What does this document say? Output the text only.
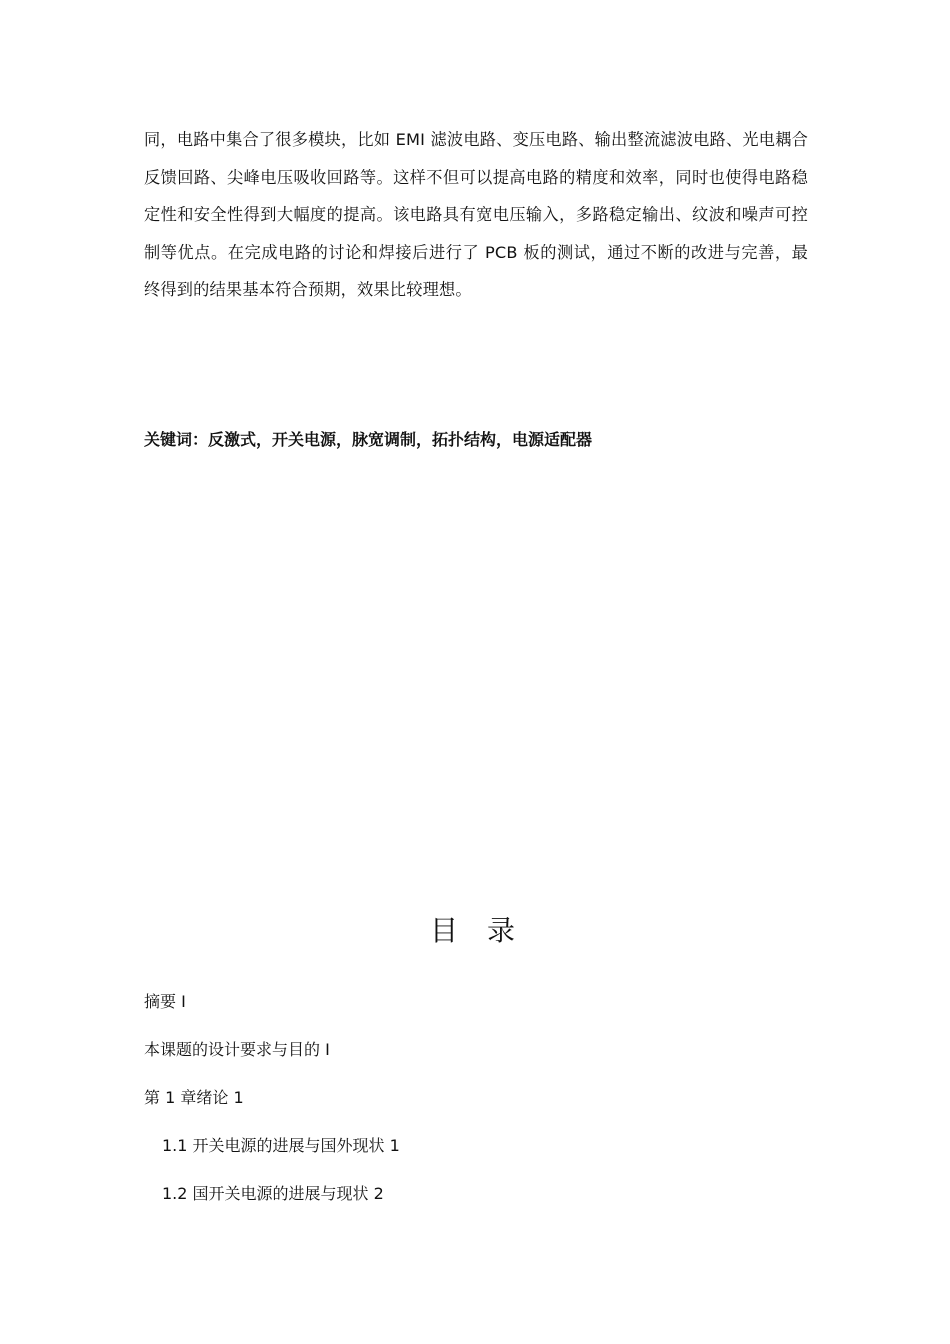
同，电路中集合了很多模块，比如 EMI 滤波电路、变压电路、输出整流滤波电路、光电耦合反馈回路、尖峰电压吸收回路等。这样不但可以提高电路的精度和效率，同时也使得电路稳定性和安全性得到大幅度的提高。该电路具有宽电压输入，多路稳定输出、纹波和噪声可控制等优点。在完成电路的讨论和焊接后进行了 PCB 板的测试，通过不断的改进与完善，最终得到的结果基本符合预期，效果比较理想。

关键词：反激式，开关电源，脉宽调制，拓扑结构，电源适配器

目 录
摘要 I
本课题的设计要求与目的 I
第 1 章绪论 1
1.1 开关电源的进展与国外现状 1
1.2 国开关电源的进展与现状 2
